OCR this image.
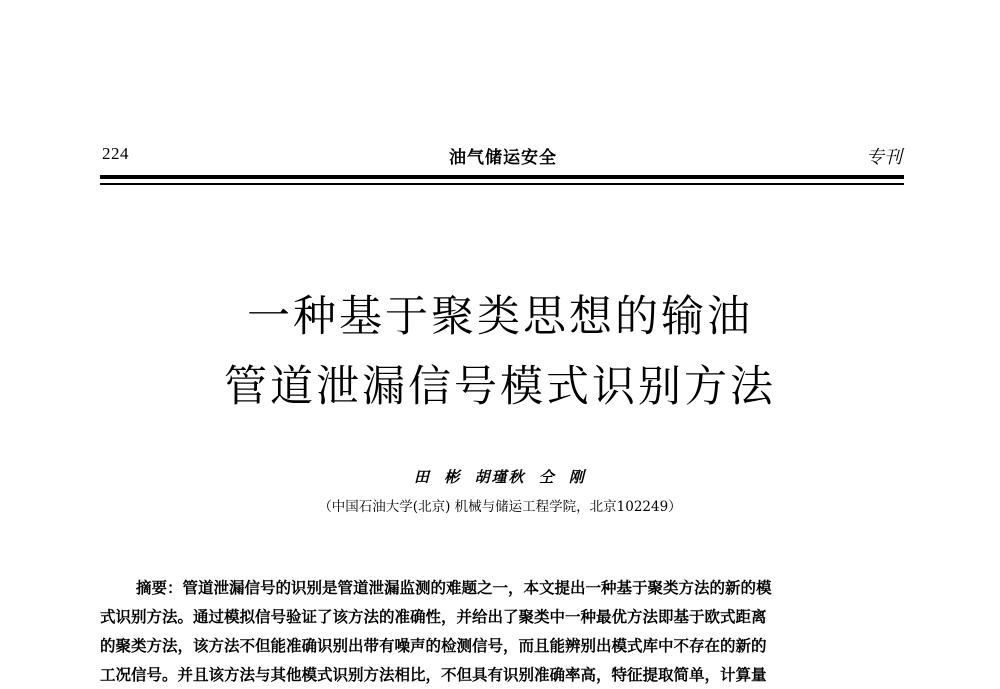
224	油气储运安全	专刊
一种基于聚类思想的输油
管道泄漏信号模式识别方法
田 彬 胡瑾秋 仝 刚
（中国石油大学(北京) 机械与储运工程学院，北京102249）
摘要：管道泄漏信号的识别是管道泄漏监测的难题之一，本文提出一种基于聚类方法的新的模
式识别方法。通过模拟信号验证了该方法的准确性，并给出了聚类中一种最优方法即基于欧式距离
的聚类方法，该方法不但能准确识别出带有噪声的检测信号，而且能辨别出模式库中不存在的新的
工况信号。并且该方法与其他模式识别方法相比，不但具有识别准确率高，特征提取简单，计算量
